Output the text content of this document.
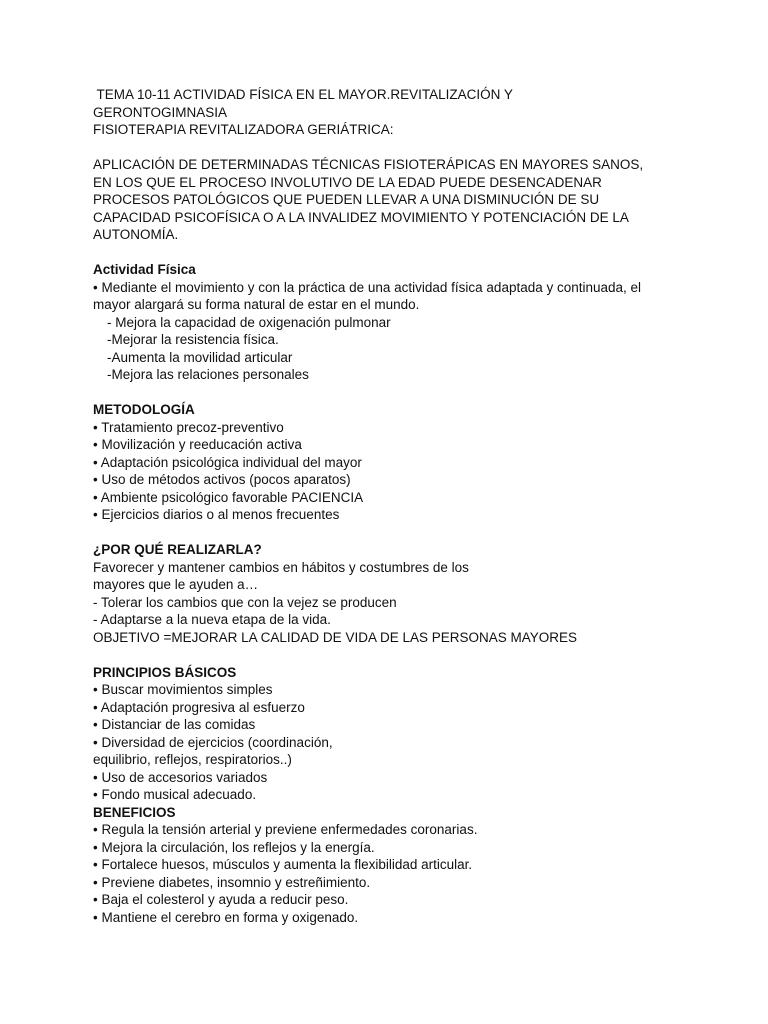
TEMA 10-11 ACTIVIDAD FÍSICA EN EL MAYOR.REVITALIZACIÓN Y
GERONTOGIMNASIA
FISIOTERAPIA REVITALIZADORA GERIÁTRICA:
APLICACIÓN DE DETERMINADAS TÉCNICAS FISIOTERÁPICAS EN MAYORES SANOS,
EN LOS QUE EL PROCESO INVOLUTIVO DE LA EDAD PUEDE DESENCADENAR
PROCESOS PATOLÓGICOS QUE PUEDEN LLEVAR A UNA DISMINUCIÓN DE SU
CAPACIDAD PSICOFÍSICA O A LA INVALIDEZ MOVIMIENTO Y POTENCIACIÓN DE LA
AUTONOMÍA.
Actividad Física
• Mediante el movimiento y con la práctica de una actividad física adaptada y continuada, el
mayor alargará su forma natural de estar en el mundo.
- Mejora la capacidad de oxigenación pulmonar
-Mejorar la resistencia física.
-Aumenta la movilidad articular
-Mejora las relaciones personales
METODOLOGÍA
• Tratamiento precoz-preventivo
• Movilización y reeducación activa
• Adaptación psicológica individual del mayor
• Uso de métodos activos (pocos aparatos)
• Ambiente psicológico favorable PACIENCIA
• Ejercicios diarios o al menos frecuentes
¿POR QUÉ REALIZARLA?
Favorecer y mantener cambios en hábitos y costumbres de los
mayores que le ayuden a…
- Tolerar los cambios que con la vejez se producen
- Adaptarse a la nueva etapa de la vida.
OBJETIVO =MEJORAR LA CALIDAD DE VIDA DE LAS PERSONAS MAYORES
PRINCIPIOS BÁSICOS
• Buscar movimientos simples
• Adaptación progresiva al esfuerzo
• Distanciar de las comidas
• Diversidad de ejercicios (coordinación,
equilibrio, reflejos, respiratorios..)
• Uso de accesorios variados
• Fondo musical adecuado.
BENEFICIOS
• Regula la tensión arterial y previene enfermedades coronarias.
• Mejora la circulación, los reflejos y la energía.
• Fortalece huesos, músculos y aumenta la flexibilidad articular.
• Previene diabetes, insomnio y estreñimiento.
• Baja el colesterol y ayuda a reducir peso.
• Mantiene el cerebro en forma y oxigenado.
